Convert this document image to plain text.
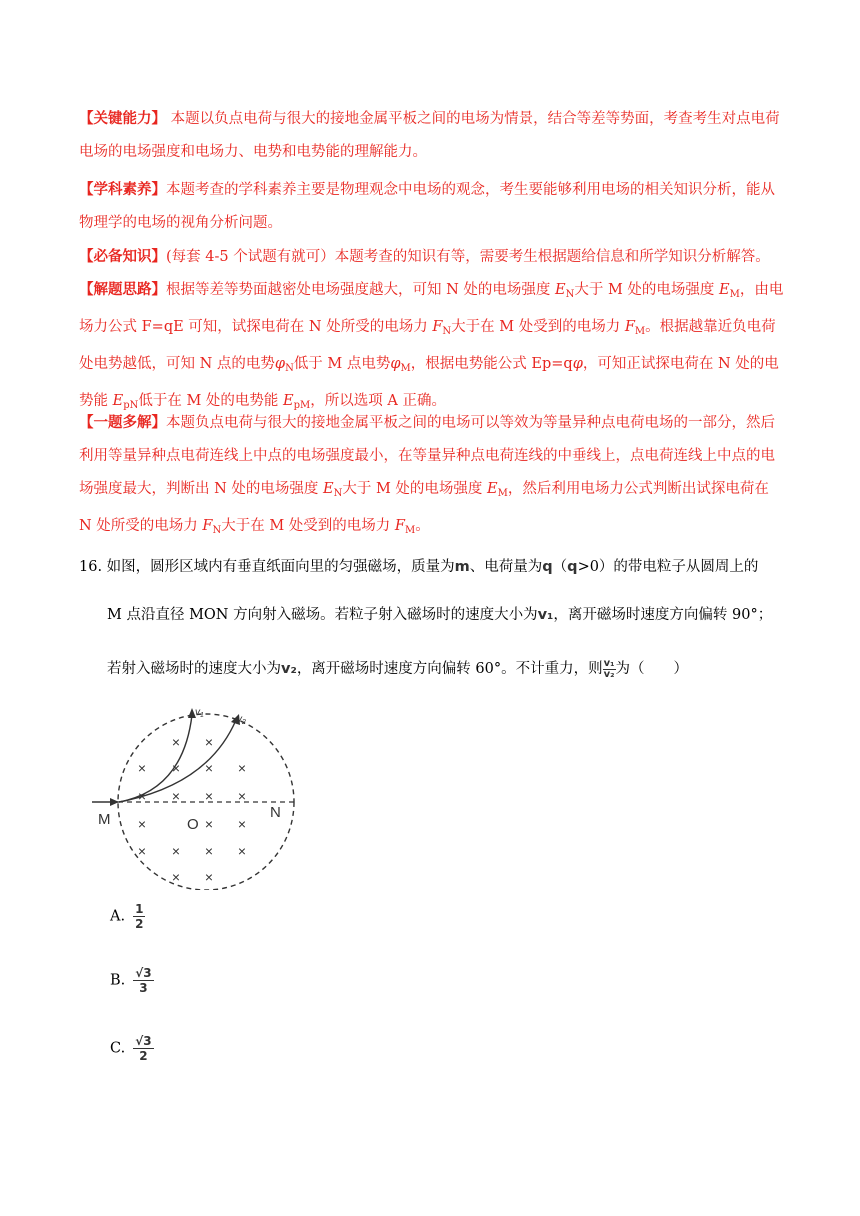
【关键能力】 本题以负点电荷与很大的接地金属平板之间的电场为情景，结合等差等势面，考查考生对点电荷电场的电场强度和电场力、电势和电势能的理解能力。
【学科素养】本题考查的学科素养主要是物理观念中电场的观念，考生要能够利用电场的相关知识分析，能从物理学的电场的视角分析问题。
【必备知识】(每套 4-5 个试题有就可）本题考查的知识有等，需要考生根据题给信息和所学知识分析解答。
【解题思路】根据等差等势面越密处电场强度越大，可知 N 处的电场强度 $E_N$大于 M 处的电场强度 $E_M$，由电场力公式 F=qE 可知，试探电荷在 N 处所受的电场力 $F_N$大于在 M 处受到的电场力 $F_M$。根据越靠近负电荷处电势越低，可知 N 点的电势$\varphi_N$低于 M 点电势$\varphi_M$，根据电势能公式 Ep=qφ，可知正试探电荷在 N 处的电势能 $E_{pN}$低于在 M 处的电势能 $E_{pM}$，所以选项 A 正确。
【一题多解】本题负点电荷与很大的接地金属平板之间的电场可以等效为等量异种点电荷电场的一部分，然后利用等量异种点电荷连线上中点的电场强度最小，在等量异种点电荷连线的中垂线上，点电荷连线上中点的电场强度最大，判断出 N 处的电场强度 $E_N$大于 M 处的电场强度 $E_M$，然后利用电场力公式判断出试探电荷在 N 处所受的电场力 $F_N$大于在 M 处受到的电场力 $F_M$。
16. 如图，圆形区域内有垂直纸面向里的匀强磁场，质量为m、电荷量为q（q>0）的带电粒子从圆周上的
M 点沿直径 MON 方向射入磁场。若粒子射入磁场时的速度大小为v₁，离开磁场时速度方向偏转 90°；
若射入磁场时的速度大小为v₂，离开磁场时速度方向偏转 60°。不计重力，则 $\frac{\text{v₁}}{\text{v₂}}$ 为（　　）
× ×
× × × ×
× × × ×
×	× ×
× × × ×
× ×
M	O
N
$v_1$	$v_2$
A. $\frac{1}{2}$
B. $\frac{√3}{3}$
C. $\frac{√3}{2}$
